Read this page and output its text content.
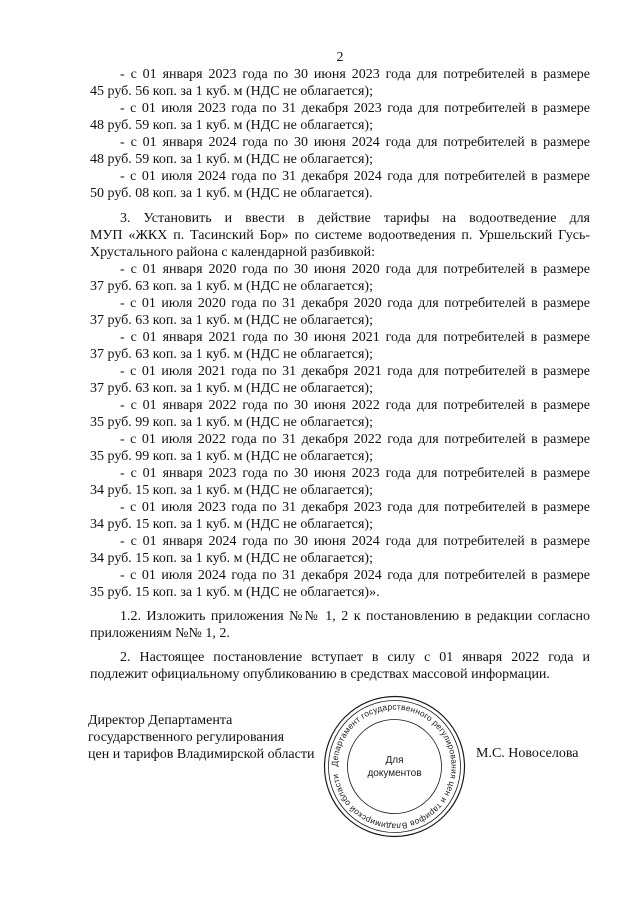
2
- с 01 января 2023 года по 30 июня 2023 года для потребителей в размере
45 руб. 56 коп. за 1 куб. м (НДС не облагается);
- с 01 июля 2023 года по 31 декабря 2023 года для потребителей в размере
48 руб. 59 коп. за 1 куб. м (НДС не облагается);
- с 01 января 2024 года по 30 июня 2024 года для потребителей в размере
48 руб. 59 коп. за 1 куб. м (НДС не облагается);
- с 01 июля 2024 года по 31 декабря 2024 года для потребителей в размере
50 руб. 08 коп. за 1 куб. м (НДС не облагается).
3. Установить и ввести в действие тарифы на водоотведение для
МУП «ЖКХ п. Тасинский Бор» по системе водоотведения п. Уршельский Гусь-
Хрустального района с календарной разбивкой:
- с 01 января 2020 года по 30 июня 2020 года для потребителей в размере
37 руб. 63 коп. за 1 куб. м (НДС не облагается);
- с 01 июля 2020 года по 31 декабря 2020 года для потребителей в размере
37 руб. 63 коп. за 1 куб. м (НДС не облагается);
- с 01 января 2021 года по 30 июня 2021 года для потребителей в размере
37 руб. 63 коп. за 1 куб. м (НДС не облагается);
- с 01 июля 2021 года по 31 декабря 2021 года для потребителей в размере
37 руб. 63 коп. за 1 куб. м (НДС не облагается);
- с 01 января 2022 года по 30 июня 2022 года для потребителей в размере
35 руб. 99 коп. за 1 куб. м (НДС не облагается);
- с 01 июля 2022 года по 31 декабря 2022 года для потребителей в размере
35 руб. 99 коп. за 1 куб. м (НДС не облагается);
- с 01 января 2023 года по 30 июня 2023 года для потребителей в размере
34 руб. 15 коп. за 1 куб. м (НДС не облагается);
- с 01 июля 2023 года по 31 декабря 2023 года для потребителей в размере
34 руб. 15 коп. за 1 куб. м (НДС не облагается);
- с 01 января 2024 года по 30 июня 2024 года для потребителей в размере
34 руб. 15 коп. за 1 куб. м (НДС не облагается);
- с 01 июля 2024 года по 31 декабря 2024 года для потребителей в размере
35 руб. 15 коп. за 1 куб. м (НДС не облагается)».
1.2. Изложить приложения №№ 1, 2 к постановлению в редакции согласно
приложениям №№ 1, 2.
2. Настоящее постановление вступает в силу с 01 января 2022 года и
подлежит официальному опубликованию в средствах массовой информации.
Директор Департамента
государственного регулирования
цен и тарифов Владимирской области	М.С. Новоселова
Департамент государственного регулирования цен и тарифов Владимирской области
Для
документов
